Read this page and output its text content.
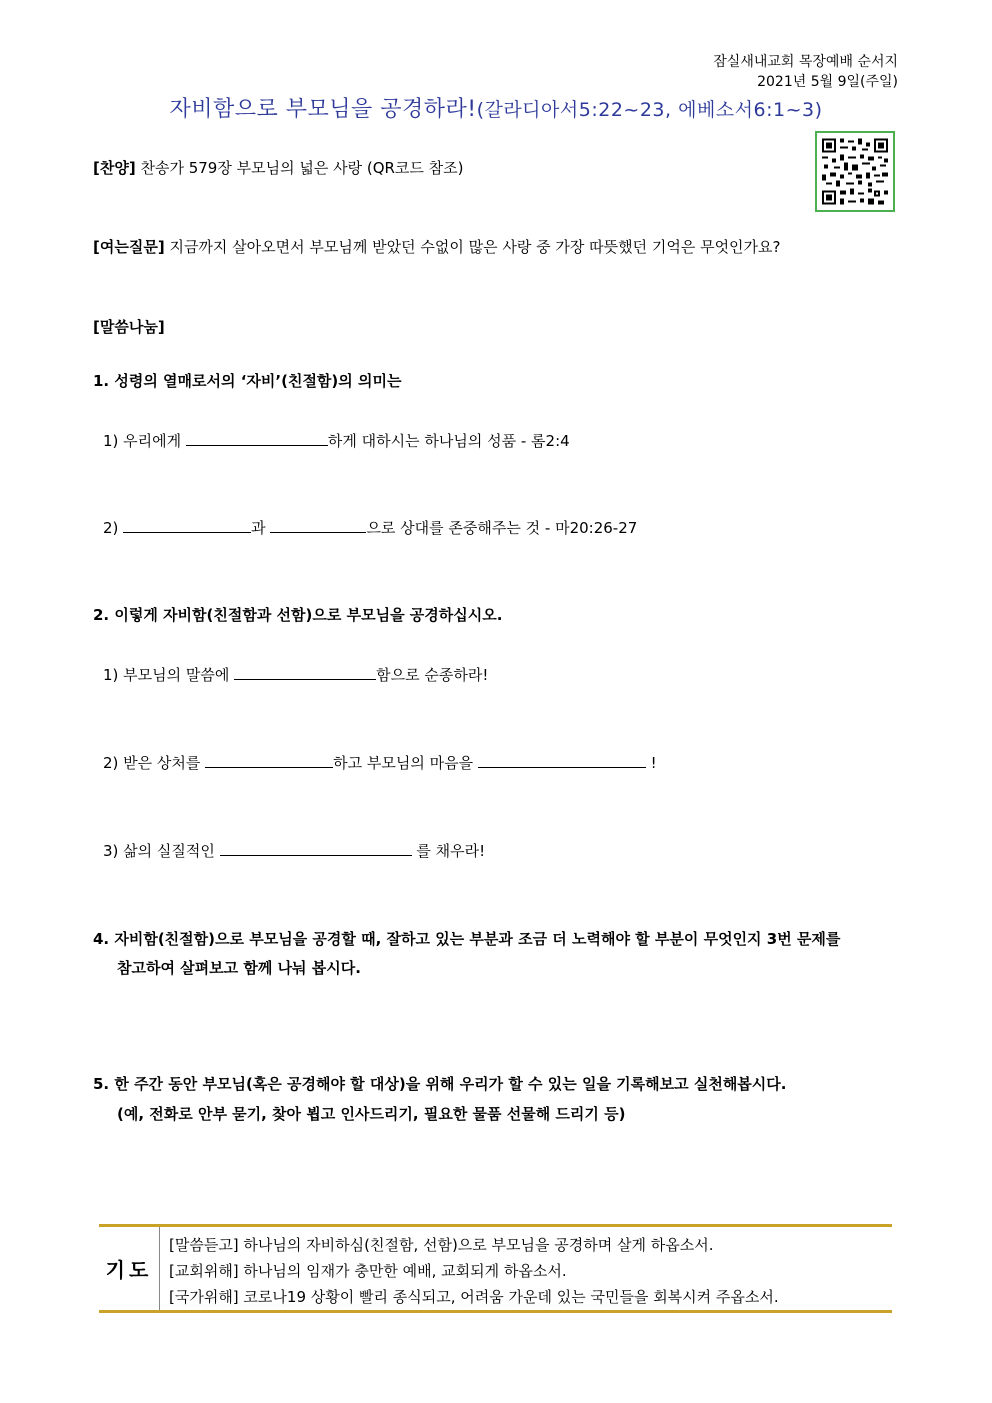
잠실새내교회 목장예배 순서지
2021년 5월 9일(주일)
자비함으로 부모님을 공경하라!(갈라디아서5:22~23, 에베소서6:1~3)
[찬양] 찬송가 579장 부모님의 넓은 사랑 (QR코드 참조)
[여는질문] 지금까지 살아오면서 부모님께 받았던 수없이 많은 사랑 중 가장 따뜻했던 기억은 무엇인가요?
[말씀나눔]
1. 성령의 열매로서의 ‘자비’(친절함)의 의미는
1) 우리에게	하게 대하시는 하나님의 성품 - 롬2:4
2)	과	으로 상대를 존중해주는 것 - 마20:26-27
2. 이렇게 자비함(친절함과 선함)으로 부모님을 공경하십시오.
1) 부모님의 말씀에	함으로 순종하라!
2) 받은 상처를	하고 부모님의 마음을	!
3) 삶의 실질적인	를 채우라!
4. 자비함(친절함)으로 부모님을 공경할 때, 잘하고 있는 부분과 조금 더 노력해야 할 부분이 무엇인지 3번 문제를
참고하여 살펴보고 함께 나눠 봅시다.
5. 한 주간 동안 부모님(혹은 공경해야 할 대상)을 위해 우리가 할 수 있는 일을 기록해보고 실천해봅시다.
(예, 전화로 안부 묻기, 찾아 뵙고 인사드리기, 필요한 물품 선물해 드리기 등)
기도
[말씀듣고] 하나님의 자비하심(친절함, 선함)으로 부모님을 공경하며 살게 하옵소서.
[교회위해] 하나님의 임재가 충만한 예배, 교회되게 하옵소서.
[국가위해] 코로나19 상황이 빨리 종식되고, 어려움 가운데 있는 국민들을 회복시켜 주옵소서.
